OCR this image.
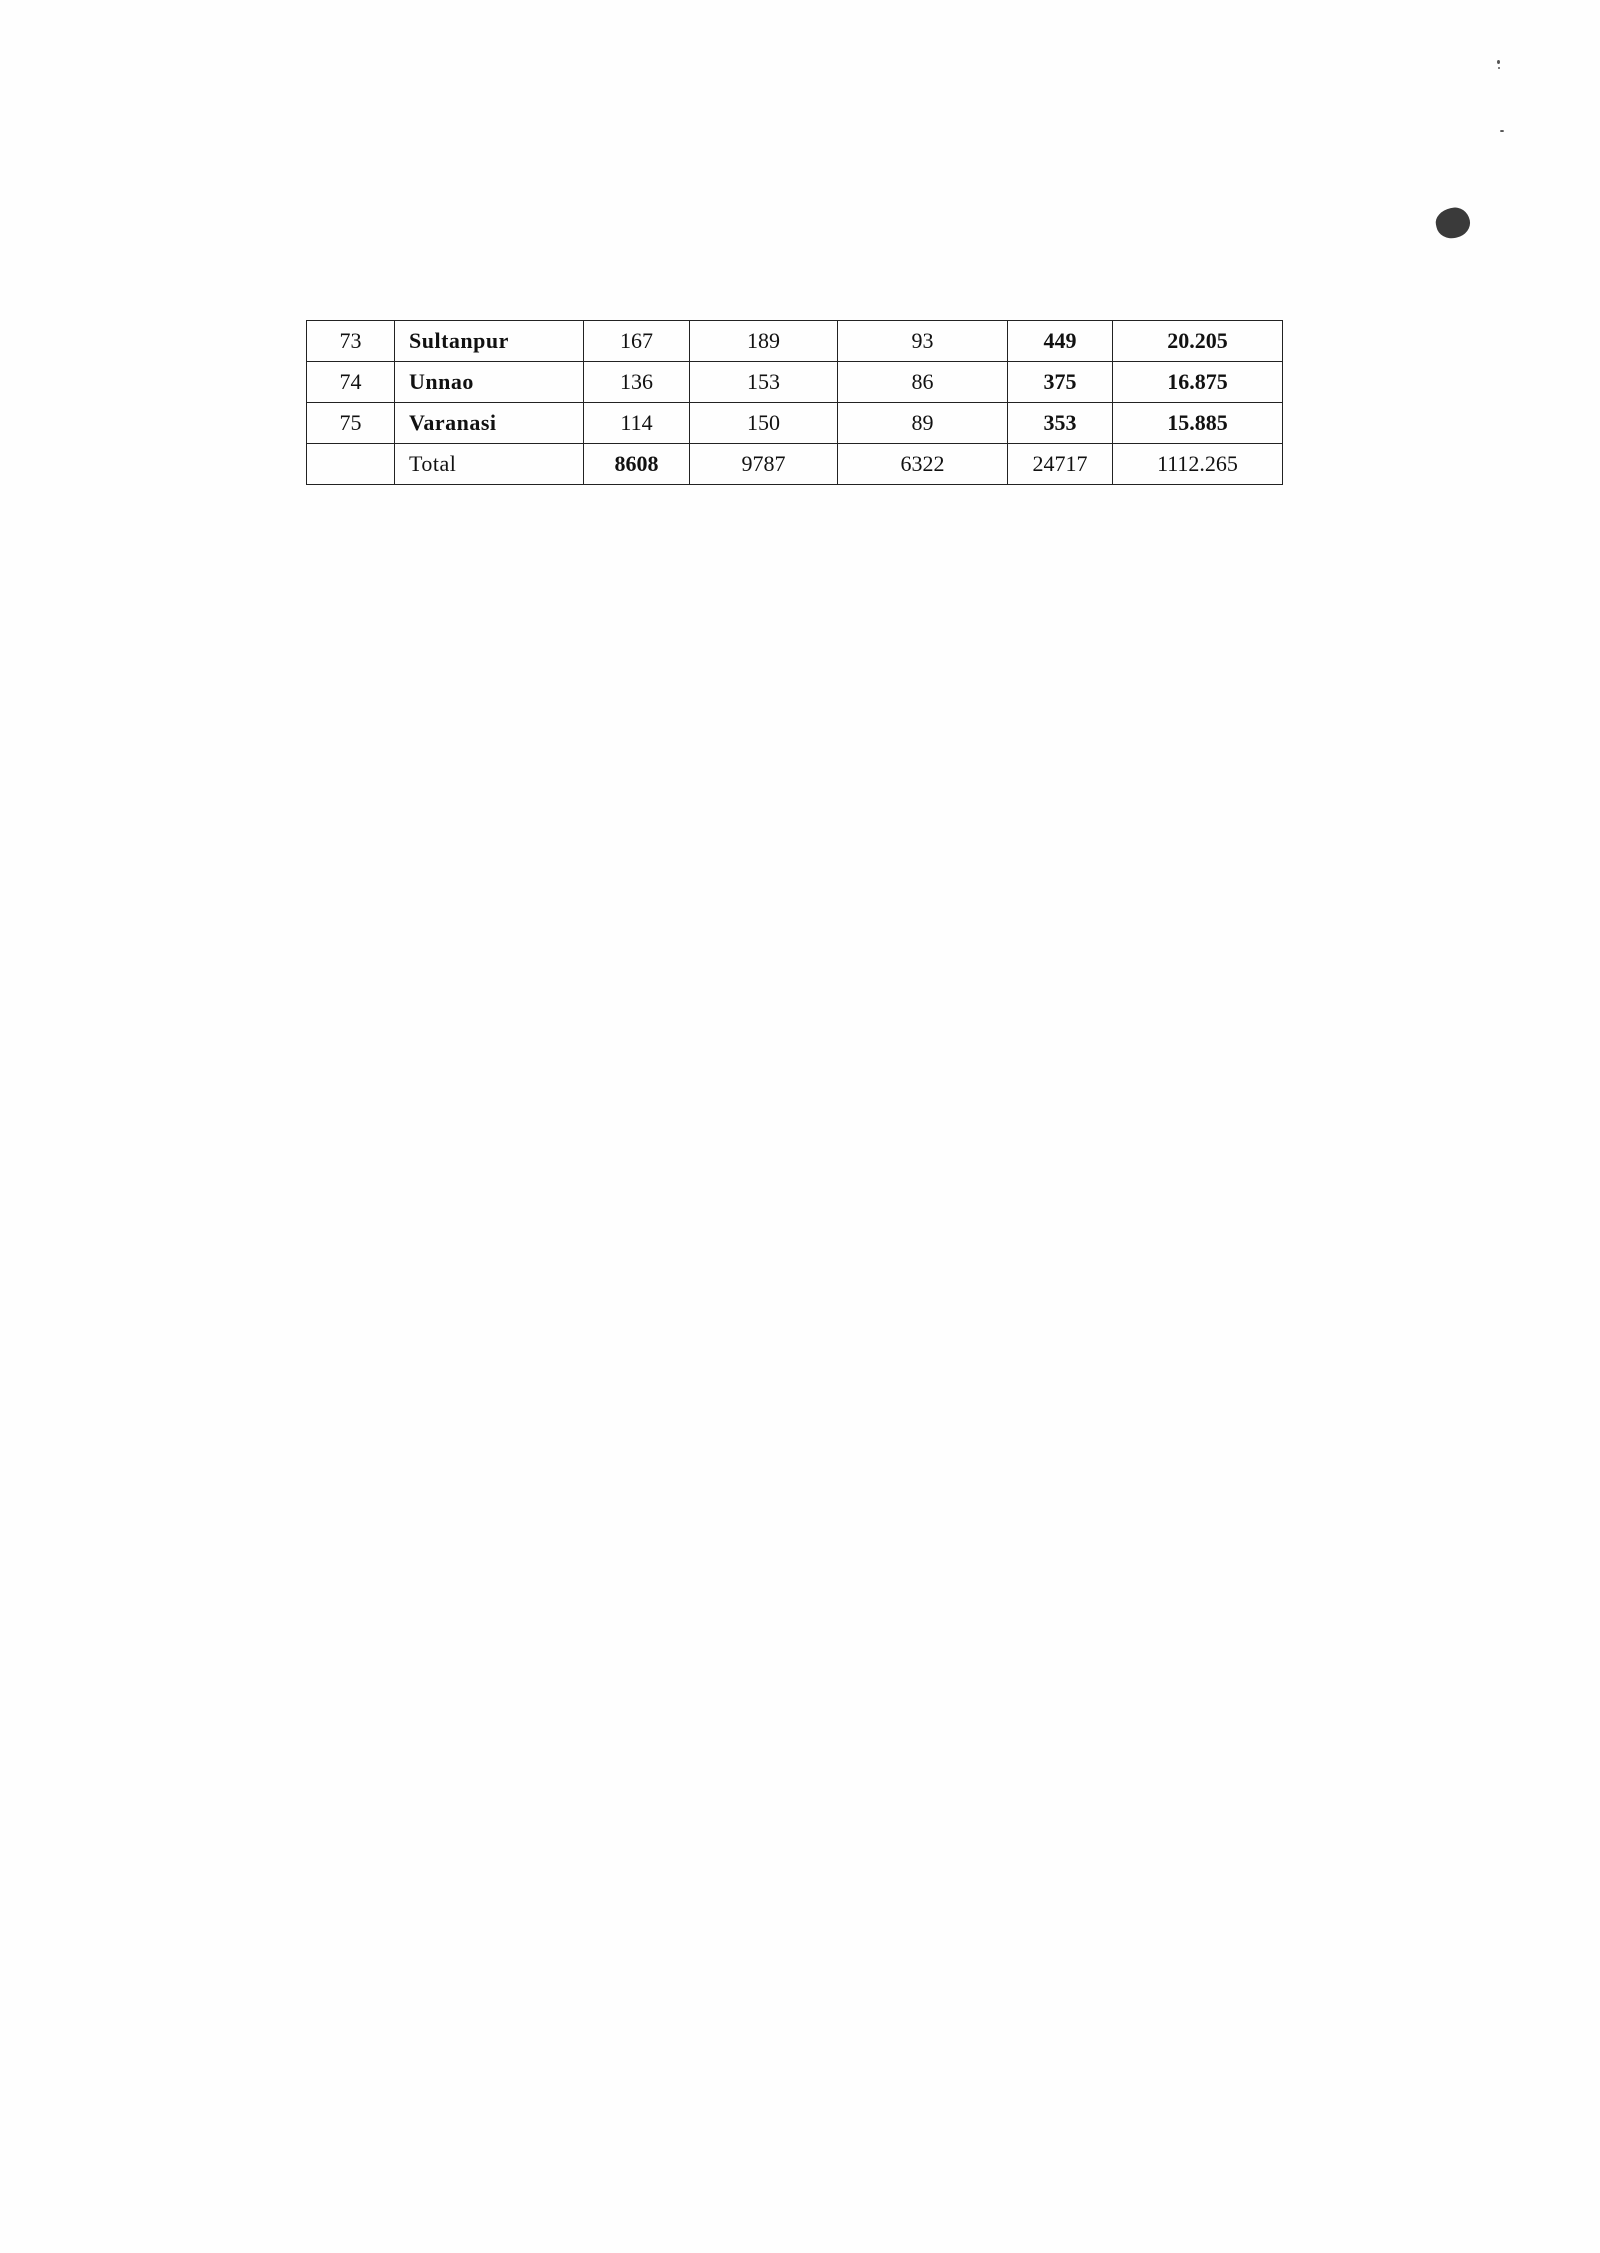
73	Sultanpur	167	189	93	449	20.205
74	Unnao	136	153	86	375	16.875
75	Varanasi	114	150	89	353	15.885
	Total	8608	9787	6322	24717	1112.265
